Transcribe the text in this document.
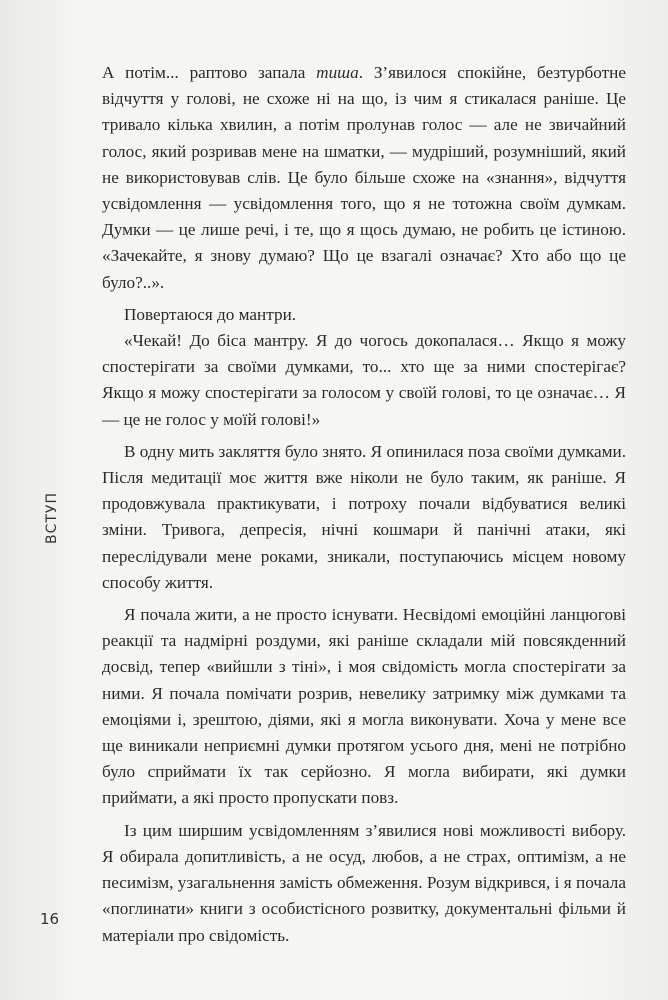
ВСТУП

А потім... раптово запала тиша. З’явилося спокійне, безтурботне відчуття у голові, не схоже ні на що, із чим я стикалася раніше. Це тривало кілька хвилин, а потім пролунав голос — але не звичайний голос, який розривав мене на шматки, — мудріший, розумніший, який не використовував слів. Це було більше схоже на «знання», відчуття усвідомлення — усвідомлення того, що я не тотожна своїм думкам. Думки — це лише речі, і те, що я щось думаю, не робить це істиною. «Зачекайте, я знову думаю? Що це взагалі означає? Хто або що це було?..».

Повертаюся до мантри.

«Чекай! До біса мантру. Я до чогось докопалася… Якщо я можу спостерігати за своїми думками, то... хто ще за ними спостерігає? Якщо я можу спостерігати за голосом у своїй голові, то це означає… Я — це не голос у моїй голові!»

В одну мить закляття було знято. Я опинилася поза своїми думками. Після медитації моє життя вже ніколи не було таким, як раніше. Я продовжувала практикувати, і потроху почали відбуватися великі зміни. Тривога, депресія, нічні кошмари й панічні атаки, які переслідували мене роками, зникали, поступаючись місцем новому способу життя.

Я почала жити, а не просто існувати. Несвідомі емоційні ланцюгові реакції та надмірні роздуми, які раніше складали мій повсякденний досвід, тепер «вийшли з тіні», і моя свідомість могла спостерігати за ними. Я почала помічати розрив, невелику затримку між думками та емоціями і, зрештою, діями, які я могла виконувати. Хоча у мене все ще виникали неприємні думки протягом усього дня, мені не потрібно було сприймати їх так серйозно. Я могла вибирати, які думки приймати, а які просто пропускати повз.

Із цим ширшим усвідомленням з’явилися нові можливості вибору. Я обирала допитливість, а не осуд, любов, а не страх, оптимізм, а не песимізм, узагальнення замість обмеження. Розум відкрився, і я почала «поглинати» книги з особистісного розвитку, документальні фільми й матеріали про свідомість.

16
